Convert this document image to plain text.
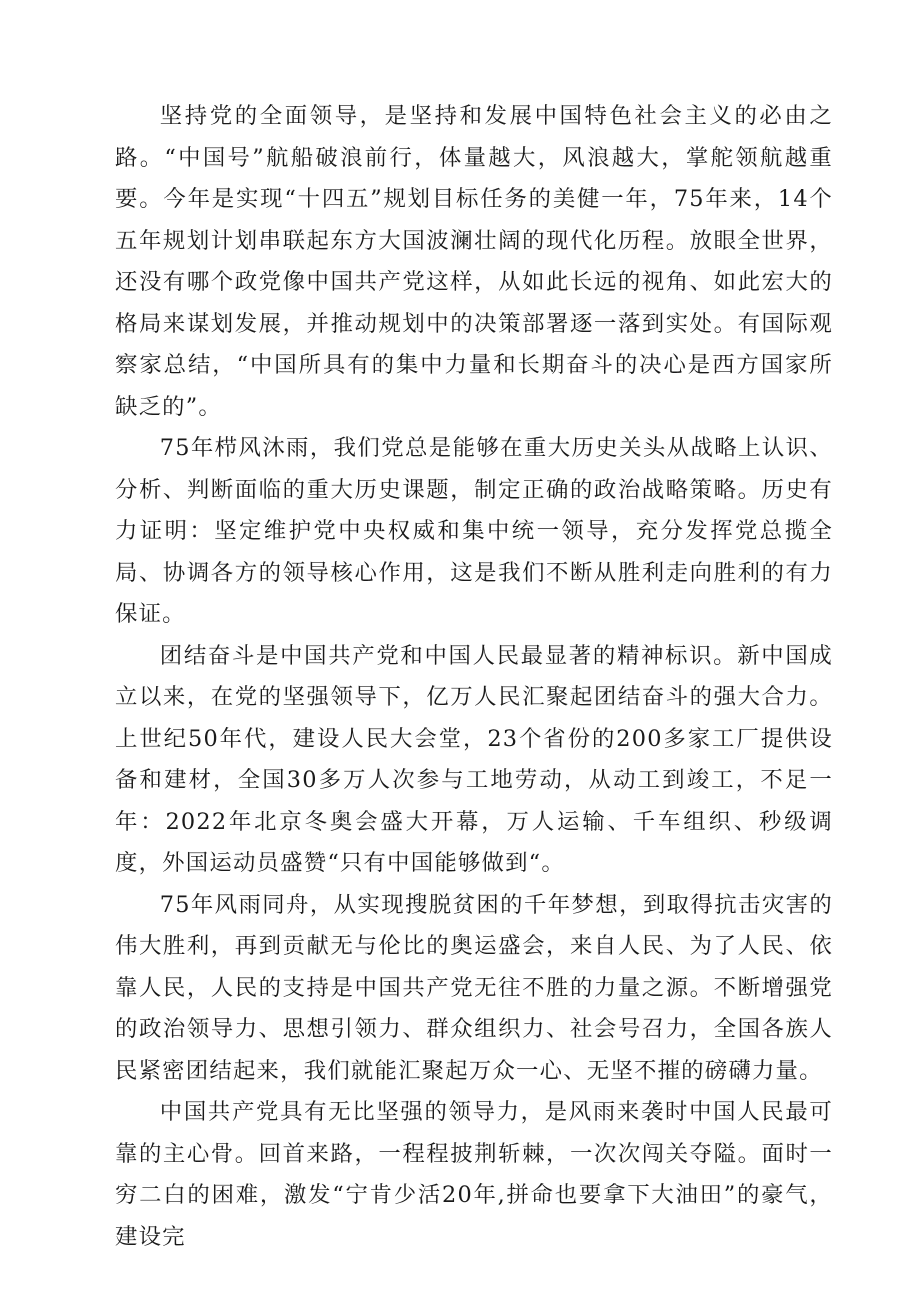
坚持党的全面领导，是坚持和发展中国特色社会主义的必由之路。“中国号”航船破浪前行，体量越大，风浪越大，掌舵领航越重要。今年是实现“十四五”规划目标任务的美健一年，75年来，14个五年规划计划串联起东方大国波澜壮阔的现代化历程。放眼全世界，还没有哪个政党像中国共产党这样，从如此长远的视角、如此宏大的格局来谋划发展，并推动规划中的决策部署逐一落到实处。有国际观察家总结，“中国所具有的集中力量和长期奋斗的决心是西方国家所缺乏的”。

75年栉风沐雨，我们党总是能够在重大历史关头从战略上认识、分析、判断面临的重大历史课题，制定正确的政治战略策略。历史有力证明：坚定维护党中央权威和集中统一领导，充分发挥党总揽全局、协调各方的领导核心作用，这是我们不断从胜利走向胜利的有力保证。

团结奋斗是中国共产党和中国人民最显著的精神标识。新中国成立以来，在党的坚强领导下，亿万人民汇聚起团结奋斗的强大合力。上世纪50年代，建设人民大会堂，23个省份的200多家工厂提供设备和建材，全国30多万人次参与工地劳动，从动工到竣工，不足一年：2022年北京冬奥会盛大开幕，万人运输、千车组织、秒级调度，外国运动员盛赞“只有中国能够做到“。

75年风雨同舟，从实现搜脱贫困的千年梦想，到取得抗击灾害的伟大胜利，再到贡献无与伦比的奥运盛会，来自人民、为了人民、依靠人民，人民的支持是中国共产党无往不胜的力量之源。不断增强党的政治领导力、思想引领力、群众组织力、社会号召力，全国各族人民紧密团结起来，我们就能汇聚起万众一心、无坚不摧的磅礴力量。

中国共产党具有无比坚强的领导力，是风雨来袭时中国人民最可靠的主心骨。回首来路，一程程披荆斩棘，一次次闯关夺隘。面时一穷二白的困难，激发“宁肯少活20年,拼命也要拿下大油田”的豪气，建设完
